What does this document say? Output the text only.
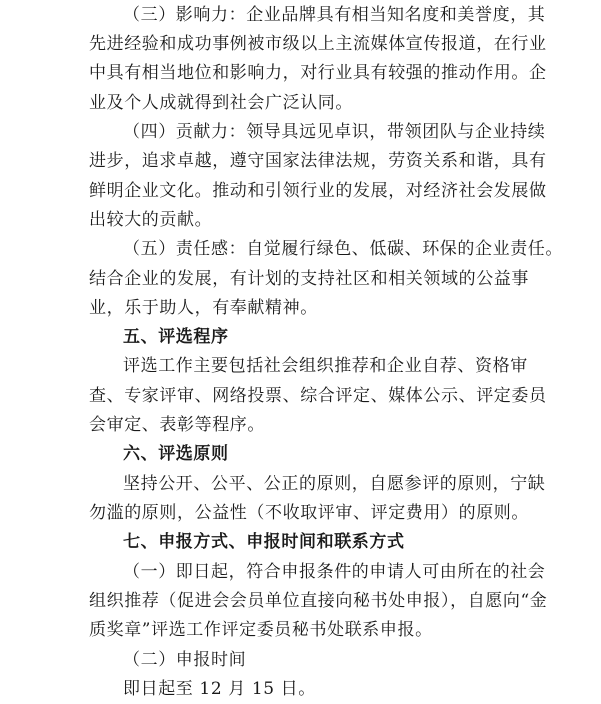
（三）影响力：企业品牌具有相当知名度和美誉度，其
先进经验和成功事例被市级以上主流媒体宣传报道，在行业
中具有相当地位和影响力，对行业具有较强的推动作用。企
业及个人成就得到社会广泛认同。
（四）贡献力：领导具远见卓识，带领团队与企业持续
进步，追求卓越，遵守国家法律法规，劳资关系和谐，具有
鲜明企业文化。推动和引领行业的发展，对经济社会发展做
出较大的贡献。
（五）责任感：自觉履行绿色、低碳、环保的企业责任。
结合企业的发展，有计划的支持社区和相关领域的公益事
业，乐于助人，有奉献精神。
五、评选程序
评选工作主要包括社会组织推荐和企业自荐、资格审
查、专家评审、网络投票、综合评定、媒体公示、评定委员
会审定、表彰等程序。
六、评选原则
坚持公开、公平、公正的原则，自愿参评的原则，宁缺
勿滥的原则，公益性（不收取评审、评定费用）的原则。
七、申报方式、申报时间和联系方式
（一）即日起，符合申报条件的申请人可由所在的社会
组织推荐（促进会会员单位直接向秘书处申报），自愿向“金
质奖章”评选工作评定委员秘书处联系申报。
（二）申报时间
即日起至 12 月 15 日。
